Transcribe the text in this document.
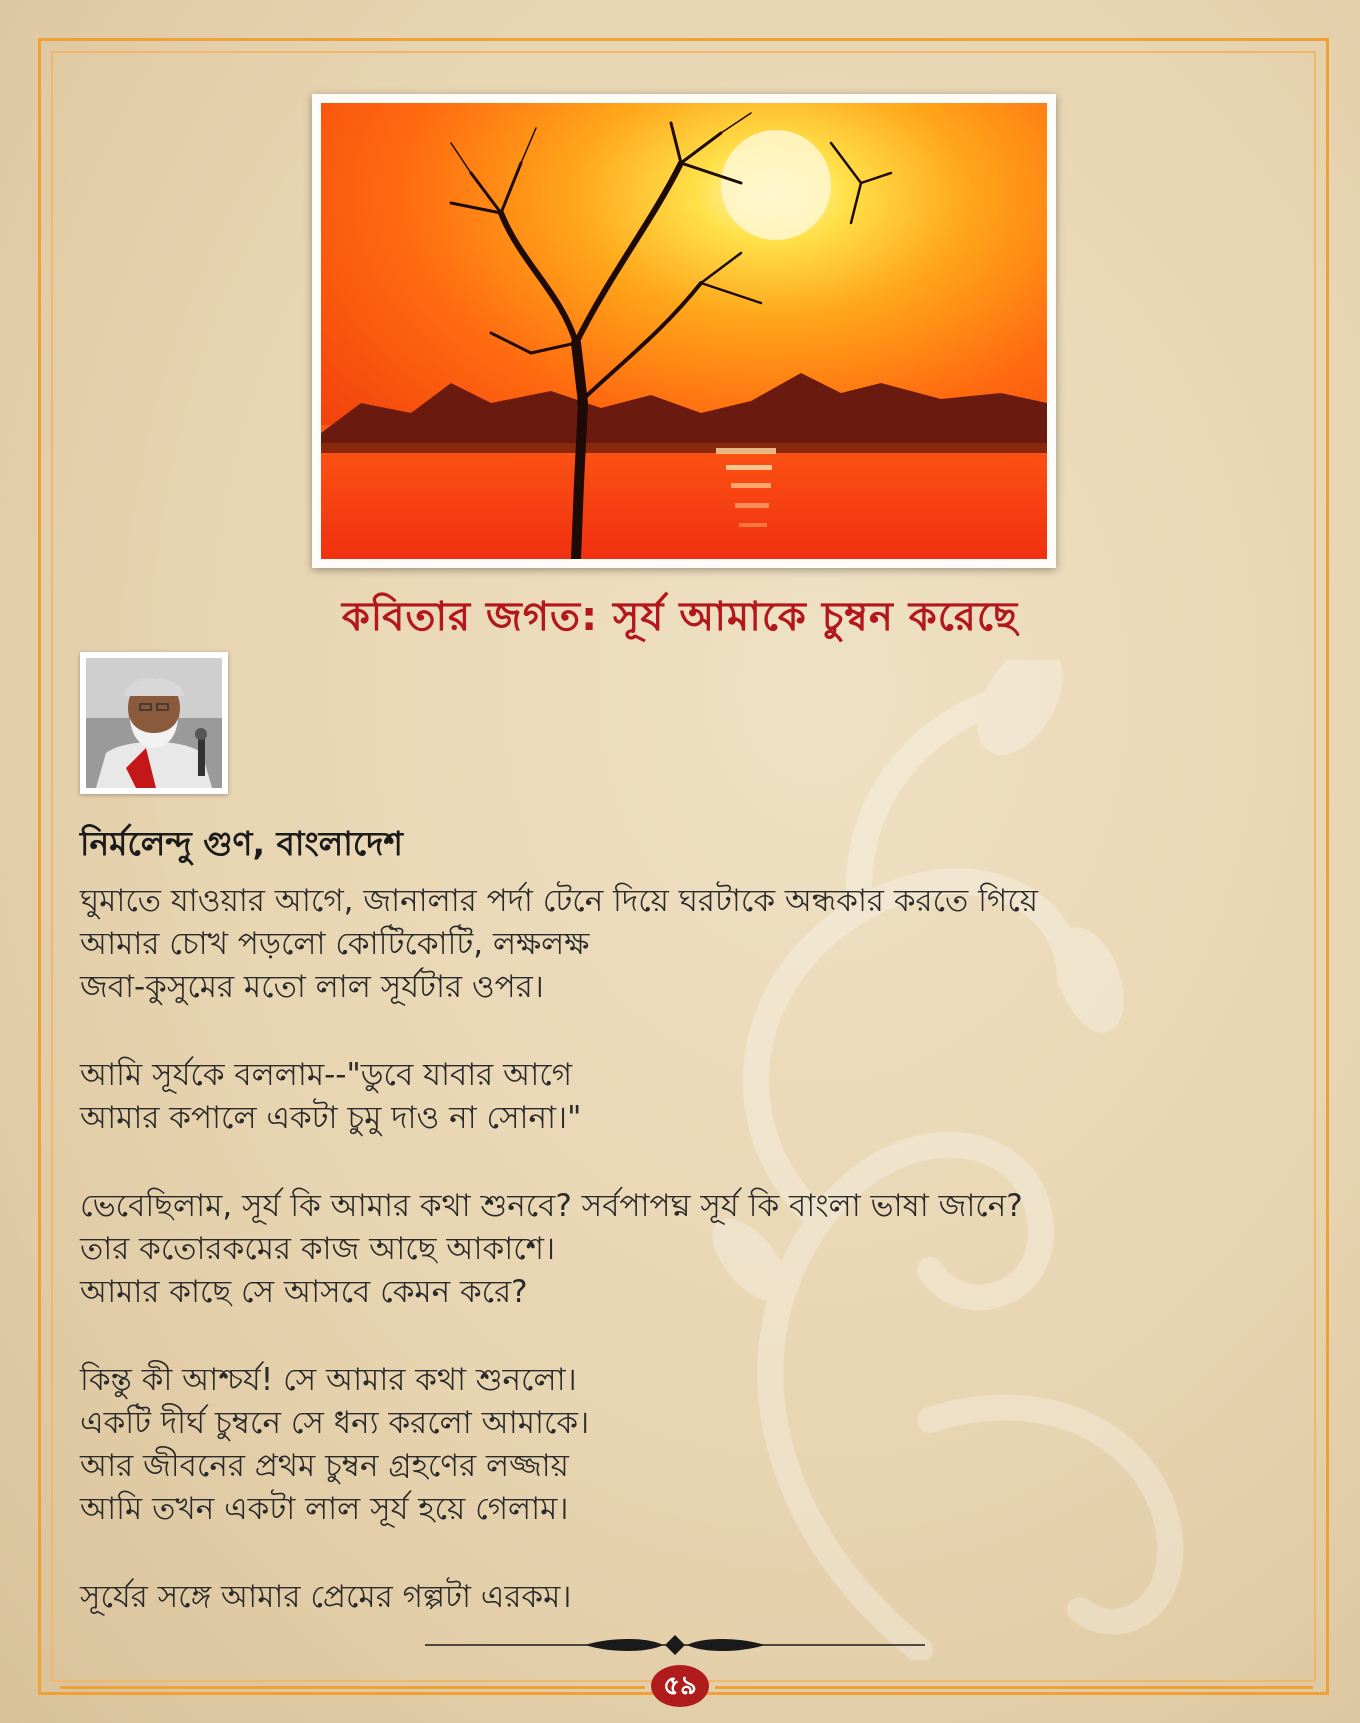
কবিতার জগত: সূর্য আমাকে চুম্বন করেছে
নির্মলেন্দু গুণ, বাংলাদেশ
ঘুমাতে যাওয়ার আগে, জানালার পর্দা টেনে দিয়ে ঘরটাকে অন্ধকার করতে গিয়ে
আমার চোখ পড়লো কোটিকোটি, লক্ষলক্ষ
জবা-কুসুমের মতো লাল সূর্যটার ওপর।
আমি সূর্যকে বললাম--"ডুবে যাবার আগে
আমার কপালে একটা চুমু দাও না সোনা।"
ভেবেছিলাম, সূর্য কি আমার কথা শুনবে? সর্বপাপঘ্ন সূর্য কি বাংলা ভাষা জানে?
তার কতোরকমের কাজ আছে আকাশে।
আমার কাছে সে আসবে কেমন করে?
কিন্তু কী আশ্চর্য! সে আমার কথা শুনলো।
একটি দীর্ঘ চুম্বনে সে ধন্য করলো আমাকে।
আর জীবনের প্রথম চুম্বন গ্রহণের লজ্জায়
আমি তখন একটা লাল সূর্য হয়ে গেলাম।
সূর্যের সঙ্গে আমার প্রেমের গল্পটা এরকম।
৫৯
